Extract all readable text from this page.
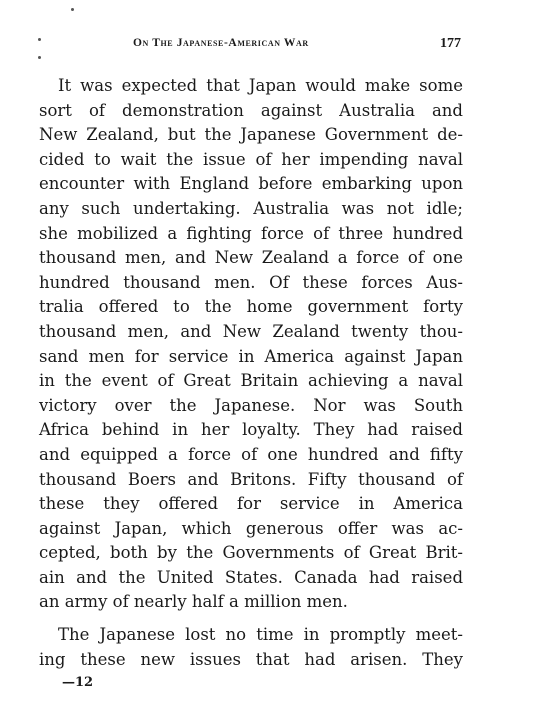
On The Japanese-American War	177
It was expected that Japan would make some
sort of demonstration against Australia and
New Zealand, but the Japanese Government de-
cided to wait the issue of her impending naval
encounter with England before embarking upon
any such undertaking. Australia was not idle;
she mobilized a fighting force of three hundred
thousand men, and New Zealand a force of one
hundred thousand men. Of these forces Aus-
tralia offered to the home government forty
thousand men, and New Zealand twenty thou-
sand men for service in America against Japan
in the event of Great Britain achieving a naval
victory over the Japanese. Nor was South
Africa behind in her loyalty. They had raised
and equipped a force of one hundred and fifty
thousand Boers and Britons. Fifty thousand of
these they offered for service in America
against Japan, which generous offer was ac-
cepted, both by the Governments of Great Brit-
ain and the United States. Canada had raised
an army of nearly half a million men.
The Japanese lost no time in promptly meet-
ing these new issues that had arisen. They
—12
